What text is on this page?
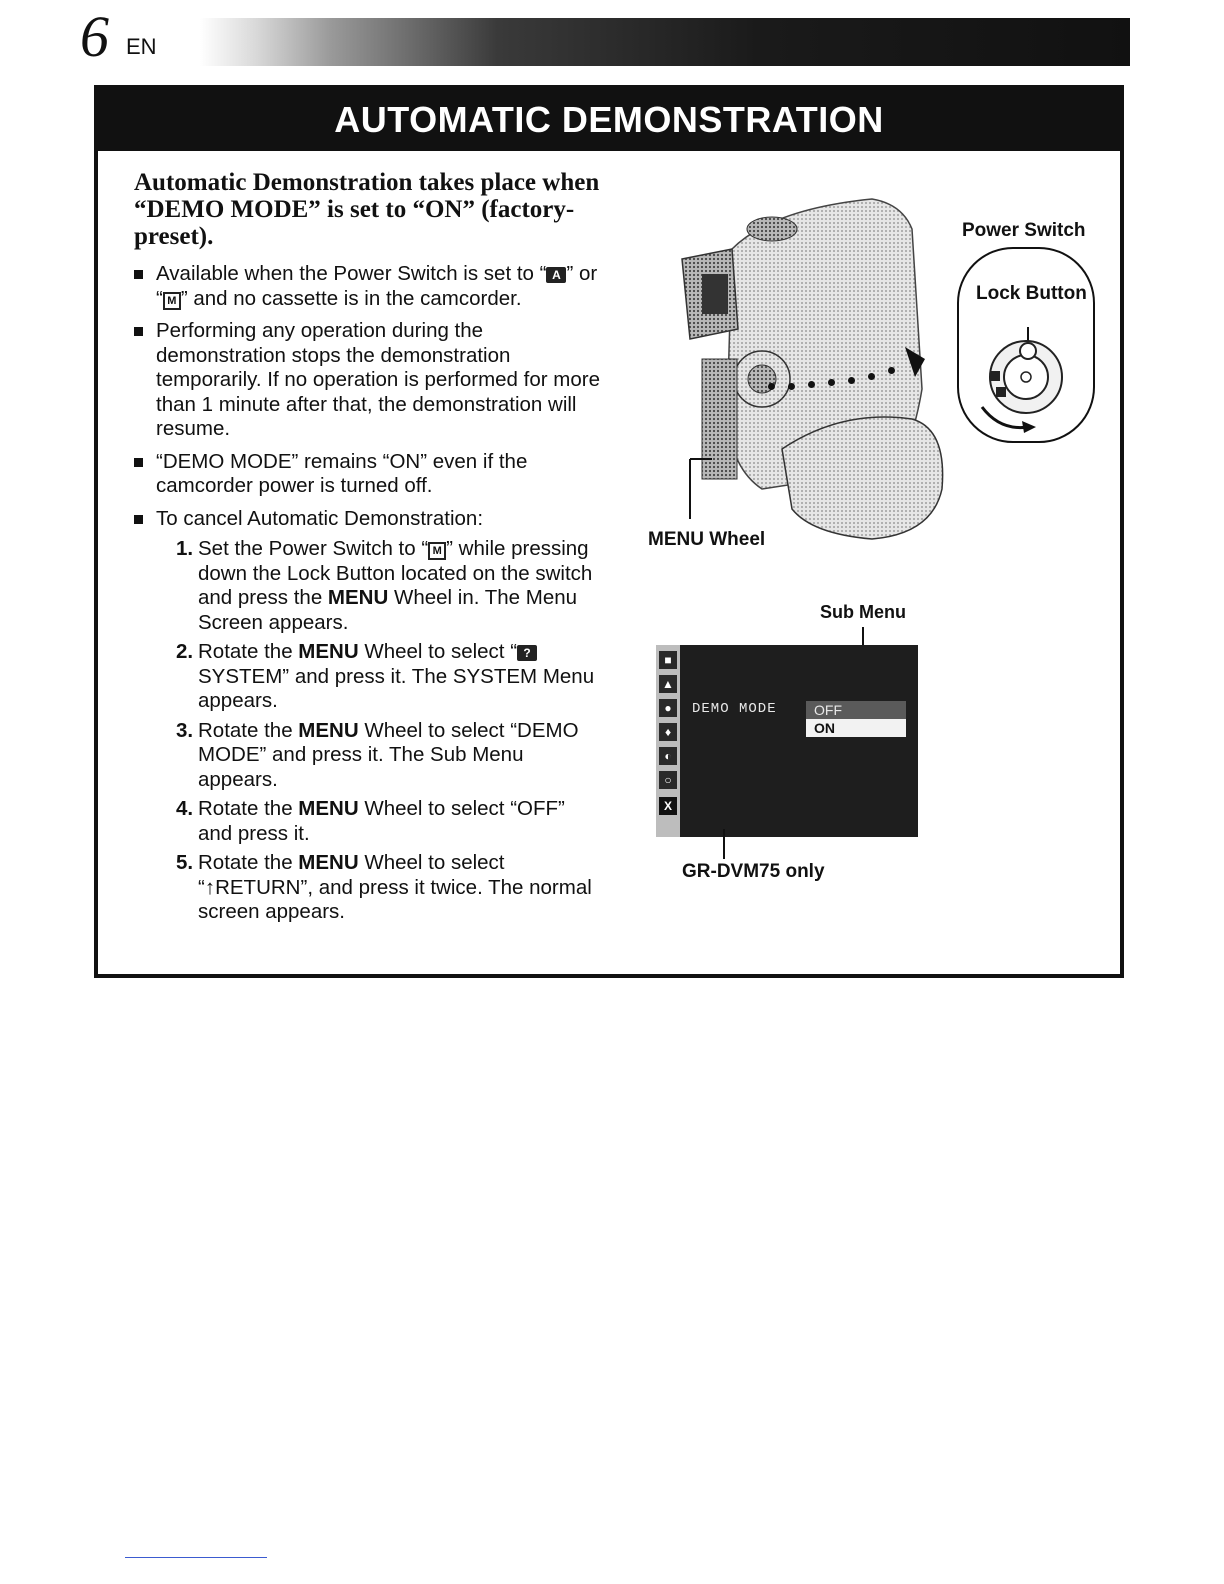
6 EN
AUTOMATIC DEMONSTRATION

Automatic Demonstration takes place when “DEMO MODE” is set to “ON” (factory-preset).

Available when the Power Switch is set to “ A ” or “ M ” and no cassette is in the camcorder.
Performing any operation during the demonstration stops the demonstration temporarily. If no operation is performed for more than 1 minute after that, the demonstration will resume.
“DEMO MODE” remains “ON” even if the camcorder power is turned off.
To cancel Automatic Demonstration:
1. Set the Power Switch to “ M ” while pressing down the Lock Button located on the switch and press the MENU Wheel in. The Menu Screen appears.
2. Rotate the MENU Wheel to select “ ? SYSTEM” and press it. The SYSTEM Menu appears.
3. Rotate the MENU Wheel to select “DEMO MODE” and press it. The Sub Menu appears.
4. Rotate the MENU Wheel to select “OFF” and press it.
5. Rotate the MENU Wheel to select “↑RETURN”, and press it twice. The normal screen appears.
Power Switch
Lock Button
MENU Wheel
Sub Menu
■
▲
●
♦
◐
○
X
DEMO MODE	OFF
ON
GR-DVM75 only
